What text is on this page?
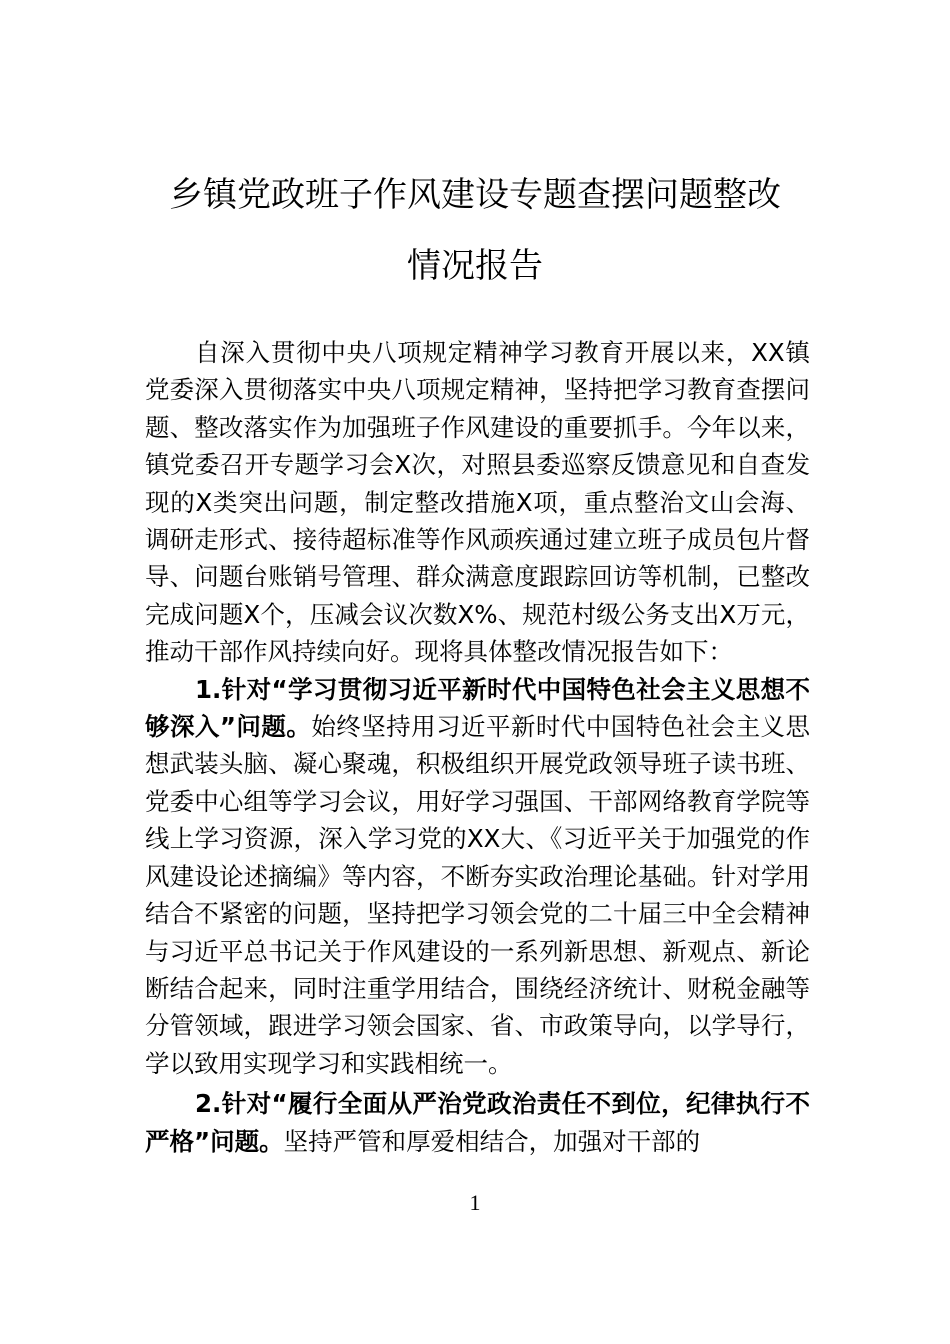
乡镇党政班子作风建设专题查摆问题整改
情况报告

自深入贯彻中央八项规定精神学习教育开展以来，XX镇党委深入贯彻落实中央八项规定精神，坚持把学习教育查摆问题、整改落实作为加强班子作风建设的重要抓手。今年以来，镇党委召开专题学习会X次，对照县委巡察反馈意见和自查发现的X类突出问题，制定整改措施X项，重点整治文山会海、调研走形式、接待超标准等作风顽疾通过建立班子成员包片督导、问题台账销号管理、群众满意度跟踪回访等机制，已整改完成问题X个，压减会议次数X%、规范村级公务支出X万元，推动干部作风持续向好。现将具体整改情况报告如下：

1.针对“学习贯彻习近平新时代中国特色社会主义思想不够深入”问题。始终坚持用习近平新时代中国特色社会主义思想武装头脑、凝心聚魂，积极组织开展党政领导班子读书班、党委中心组等学习会议，用好学习强国、干部网络教育学院等线上学习资源，深入学习党的XX大、《习近平关于加强党的作风建设论述摘编》等内容，不断夯实政治理论基础。针对学用结合不紧密的问题，坚持把学习领会党的二十届三中全会精神与习近平总书记关于作风建设的一系列新思想、新观点、新论断结合起来，同时注重学用结合，围绕经济统计、财税金融等分管领域，跟进学习领会国家、省、市政策导向，以学导行，学以致用实现学习和实践相统一。

2.针对“履行全面从严治党政治责任不到位，纪律执行不严格”问题。坚持严管和厚爱相结合，加强对干部的

1
